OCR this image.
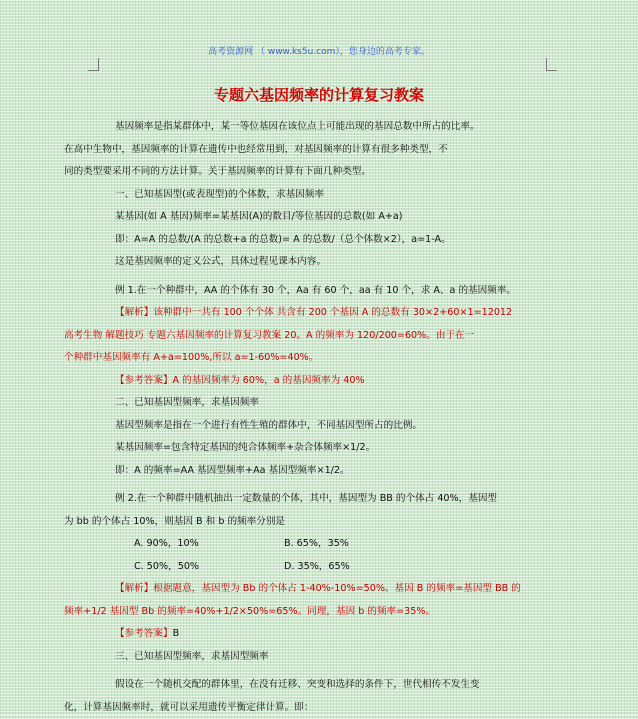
高考资源网 （ www.ks5u.com），您身边的高考专家。
专题六基因频率的计算复习教案

基因频率是指某群体中，某一等位基因在该位点上可能出现的基因总数中所占的比率。

在高中生物中，基因频率的计算在遗传中也经常用到，对基因频率的计算有很多种类型，不

同的类型要采用不同的方法计算。关于基因频率的计算有下面几种类型。

一、已知基因型(或表现型)的个体数，求基因频率

某基因(如 A 基因)频率=某基因(A)的数目/等位基因的总数(如 A+a)

即：A=A 的总数/(A 的总数+a 的总数)= A 的总数/（总个体数×2），a=1-A。

这是基因频率的定义公式，具体过程见课本内容。

例 1.在一个种群中，AA 的个体有 30 个，Aa 有 60 个，aa 有 10 个，求 A、a 的基因频率。

【解析】该种群中一共有 100 个个体 共含有 200 个基因 A 的总数有 30×2+60×1=12012

高考生物 解题技巧 专题六基因频率的计算复习教案 20。A 的频率为 120/200=60%。由于在一

个种群中基因频率有 A+a=100%,所以 a=1-60%=40%。

【参考答案】A 的基因频率为 60%，a 的基因频率为 40%

二、已知基因型频率，求基因频率

基因型频率是指在一个进行有性生殖的群体中，不同基因型所占的比例。

某基因频率=包含特定基因的纯合体频率+杂合体频率×1/2。

即：A 的频率=AA 基因型频率+Aa 基因型频率×1/2。

例 2.在一个种群中随机抽出一定数量的个体，其中，基因型为 BB 的个体占 40%，基因型

为 bb 的个体占 10%，则基因 B 和 b 的频率分别是

A. 90%，10%	B. 65%，35%

C. 50%，50%	D. 35%，65%

【解析】根据题意，基因型为 Bb 的个体占 1-40%-10%=50%。基因 B 的频率=基因型 BB 的

频率+1/2 基因型 Bb 的频率=40%+1/2×50%=65%。同理，基因 b 的频率=35%。

【参考答案】B

三、已知基因型频率，求基因型频率

假设在一个随机交配的群体里，在没有迁移、突变和选择的条件下，世代相传不发生变

化，计算基因频率时，就可以采用遗传平衡定律计算。即：
